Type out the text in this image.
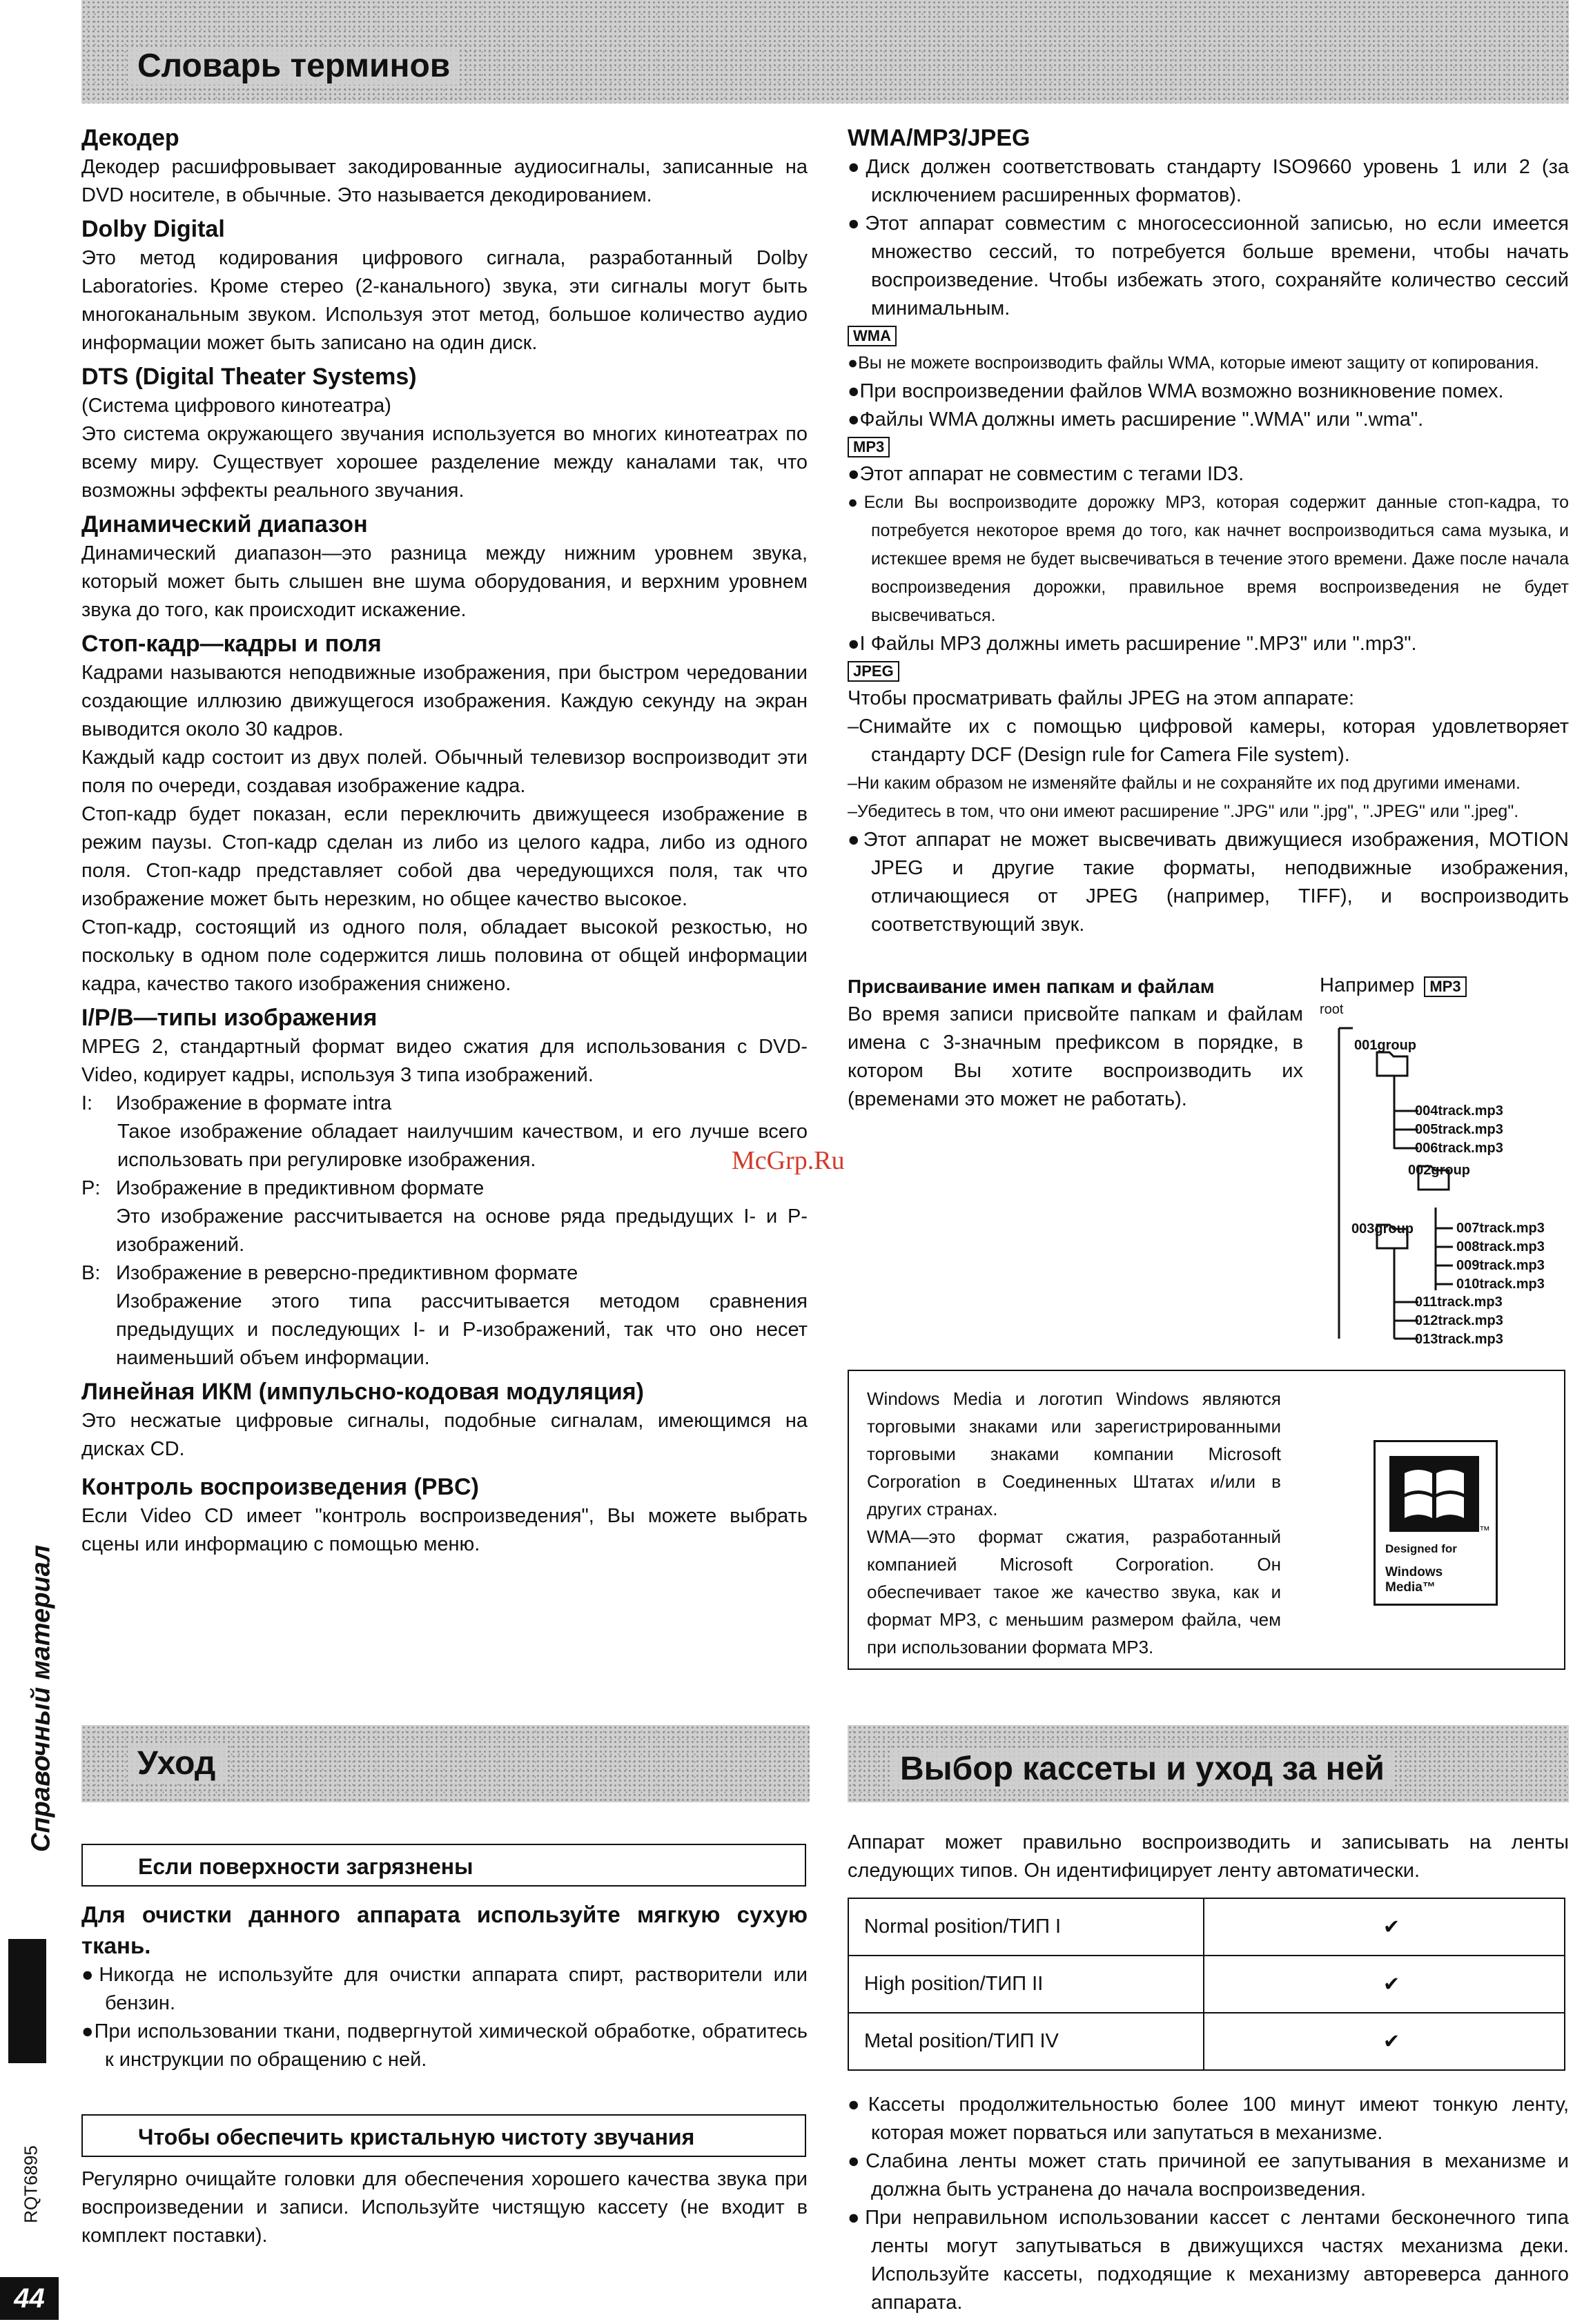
Словарь терминов

Декодер

Декодер расшифровывает закодированные аудиосигналы, записанные на DVD носителе, в обычные. Это называется декодированием.

Dolby Digital

Это метод кодирования цифрового сигнала, разработанный Dolby Laboratories. Кроме стерео (2-канального) звука, эти сигналы могут быть многоканальным звуком. Используя этот метод, большое количество аудио информации может быть записано на один диск.

DTS (Digital Theater Systems)

(Система цифрового кинотеатра)

Это система окружающего звучания используется во многих кинотеатрах по всему миру. Существует хорошее разделение между каналами так, что возможны эффекты реального звучания.

Динамический диапазон

Динамический диапазон—это разница между нижним уровнем звука, который может быть слышен вне шума оборудования, и верхним уровнем звука до того, как происходит искажение.

Стоп-кадр—кадры и поля

Кадрами называются неподвижные изображения, при быстром чередовании создающие иллюзию движущегося изображения. Каждую секунду на экран выводится около 30 кадров.

Каждый кадр состоит из двух полей. Обычный телевизор воспроизводит эти поля по очереди, создавая изображение кадра.

Стоп-кадр будет показан, если переключить движущееся изображение в режим паузы. Стоп-кадр сделан из либо из целого кадра, либо из одного поля. Стоп-кадр представляет собой два чередующихся поля, так что изображение может быть нерезким, но общее качество высокое.

Стоп-кадр, состоящий из одного поля, обладает высокой резкостью, но поскольку в одном поле содержится лишь половина от общей информации кадра, качество такого изображения снижено.

I/P/B—типы изображения

MPEG 2, стандартный формат видео сжатия для использования с DVD-Video, кодирует кадры, используя 3 типа изображений.

I: Изображение в формате intra

Такое изображение обладает наилучшим качеством, и его лучше всего использовать при регулировке изображения.

P: Изображение в предиктивном формате

Это изображение рассчитывается на основе ряда предыдущих I- и P-изображений.

B: Изображение в реверсно-предиктивном формате

Изображение этого типа рассчитывается методом сравнения предыдущих и последующих I- и P-изображений, так что оно несет наименьший объем информации.

Линейная ИКМ (импульсно-кодовая модуляция)

Это несжатые цифровые сигналы, подобные сигналам, имеющимся на дисках CD.

Контроль воспроизведения (PBC)

Если Video CD имеет "контроль воспроизведения", Вы можете выбрать сцены или информацию с помощью меню.

McGrp.Ru

WMA/MP3/JPEG

●Диск должен соответствовать стандарту ISO9660 уровень 1 или 2 (за исключением расширенных форматов).

●Этот аппарат совместим с многосессионной записью, но если имеется множество сессий, то потребуется больше времени, чтобы начать воспроизведение. Чтобы избежать этого, сохраняйте количество сессий минимальным.

WMA

●Вы не можете воспроизводить файлы WMA, которые имеют защиту от копирования.

●При воспроизведении файлов WMA возможно возникновение помех.

●Файлы WMA должны иметь расширение ".WMA" или ".wma".

MP3

●Этот аппарат не совместим с тегами ID3.

●Если Вы воспроизводите дорожку MP3, которая содержит данные стоп-кадра, то потребуется некоторое время до того, как начнет воспроизводиться сама музыка, и истекшее время не будет высвечиваться в течение этого времени. Даже после начала воспроизведения дорожки, правильное время воспроизведения не будет высвечиваться.

●I Файлы MP3 должны иметь расширение ".MP3" или ".mp3".

JPEG

Чтобы просматривать файлы JPEG на этом аппарате:

–Снимайте их с помощью цифровой камеры, которая удовлетворяет стандарту DCF (Design rule for Camera File system).

–Ни каким образом не изменяйте файлы и не сохраняйте их под другими именами.

–Убедитесь в том, что они имеют расширение ".JPG" или ".jpg", ".JPEG" или ".jpeg".

●Этот аппарат не может высвечивать движущиеся изображения, MOTION JPEG и другие такие форматы, неподвижные изображения, отличающиеся от JPEG (например, TIFF), и воспроизводить соответствующий звук.

Присваивание имен папкам и файлам

Во время записи присвойте папкам и файлам имена с 3-значным префиксом в порядке, в котором Вы хотите воспроизводить их (временами это может не работать).

Например MP3
root
001group
004track.mp3
005track.mp3
006track.mp3
002group
003group	007track.mp3
008track.mp3
009track.mp3
010track.mp3
011track.mp3
012track.mp3
013track.mp3

Windows Media и логотип Windows являются торговыми знаками или зарегистрированными торговыми знаками компании Microsoft Corporation в Соединенных Штатах и/или в других странах.

WMA—это формат сжатия, разработанный компанией Microsoft Corporation. Он обеспечивает такое же качество звука, как и формат MP3, с меньшим размером файла, чем при использовании формата MP3.

™
Designed for
Windows Media™
Уход
Если поверхности загрязнены

Для очистки данного аппарата используйте мягкую сухую ткань.

●Никогда не используйте для очистки аппарата спирт, растворители или бензин.

●При использовании ткани, подвергнутой химической обработке, обратитесь к инструкции по обращению с ней.

Чтобы обеспечить кристальную чистоту звучания

Регулярно очищайте головки для обеспечения хорошего качества звука при воспроизведении и записи. Используйте чистящую кассету (не входит в комплект поставки).

Выбор кассеты и уход за ней

Аппарат может правильно воспроизводить и записывать на ленты следующих типов. Он идентифицирует ленту автоматически.

Normal position/ТИП I	✔
High position/ТИП II	✔
Metal position/ТИП IV	✔

●Кассеты продолжительностью более 100 минут имеют тонкую ленту, которая может порваться или запутаться в механизме.

●Слабина ленты может стать причиной ее запутывания в механизме и должна быть устранена до начала воспроизведения.

●При неправильном использовании кассет с лентами бесконечного типа ленты могут запутываться в движущихся частях механизма деки. Используйте кассеты, подходящие к механизму автореверса данного аппарата.

Справочный материал
RQT6895
44
